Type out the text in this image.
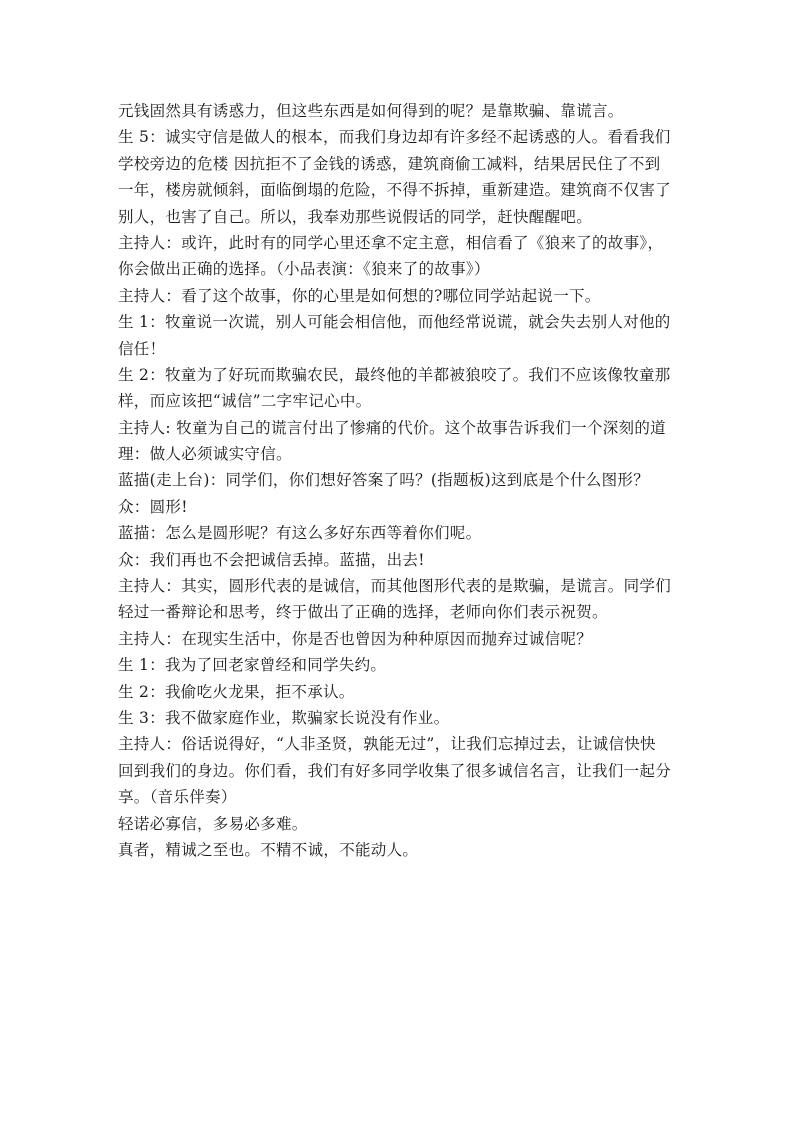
元钱固然具有诱惑力，但这些东西是如何得到的呢？是靠欺骗、靠谎言。
生 5：诚实守信是做人的根本，而我们身边却有许多经不起诱惑的人。看看我们
学校旁边的危楼 因抗拒不了金钱的诱惑，建筑商偷工减料，结果居民住了不到
一年，楼房就倾斜，面临倒塌的危险，不得不拆掉，重新建造。建筑商不仅害了
别人，也害了自己。所以，我奉劝那些说假话的同学，赶快醒醒吧。
主持人：或许，此时有的同学心里还拿不定主意，相信看了《狼来了的故事》，
你会做出正确的选择。（小品表演：《狼来了的故事》）
主持人：看了这个故事，你的心里是如何想的?哪位同学站起说一下。
生 1：牧童说一次谎，别人可能会相信他，而他经常说谎，就会失去别人对他的
信任！
生 2：牧童为了好玩而欺骗农民，最终他的羊都被狼咬了。我们不应该像牧童那
样，而应该把“诚信”二字牢记心中。
主持人: 牧童为自己的谎言付出了惨痛的代价。这个故事告诉我们一个深刻的道
理：做人必须诚实守信。
蓝描(走上台)：同学们，你们想好答案了吗？(指题板)这到底是个什么图形？
众：圆形!
蓝描：怎么是圆形呢？有这么多好东西等着你们呢。
众：我们再也不会把诚信丢掉。蓝描，出去!
主持人：其实，圆形代表的是诚信，而其他图形代表的是欺骗，是谎言。同学们
轻过一番辩论和思考，终于做出了正确的选择，老师向你们表示祝贺。
主持人：在现实生活中，你是否也曾因为种种原因而抛弃过诚信呢？
生 1：我为了回老家曾经和同学失约。
生 2：我偷吃火龙果，拒不承认。
生 3：我不做家庭作业，欺骗家长说没有作业。
主持人：俗话说得好，“人非圣贤，孰能无过”，让我们忘掉过去，让诚信快快
回到我们的身边。你们看，我们有好多同学收集了很多诚信名言，让我们一起分
享。（音乐伴奏）
轻诺必寡信，多易必多难。
真者，精诚之至也。不精不诚，不能动人。
